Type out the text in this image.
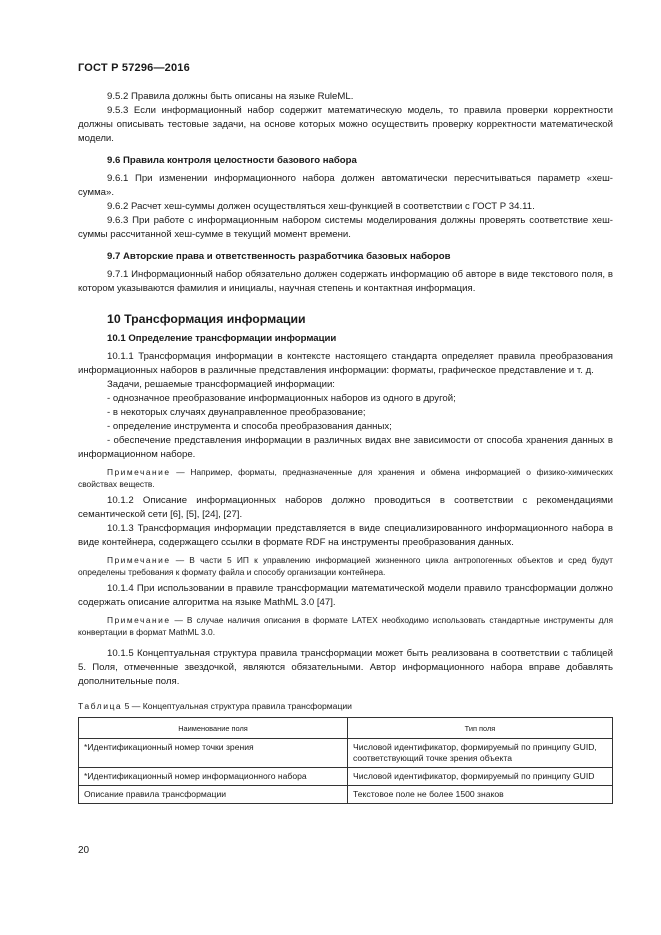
ГОСТ Р 57296—2016

9.5.2 Правила должны быть описаны на языке RuleML.

9.5.3 Если информационный набор содержит математическую модель, то правила проверки корректности должны описывать тестовые задачи, на основе которых можно осуществить проверку корректности математической модели.

9.6 Правила контроля целостности базового набора

9.6.1 При изменении информационного набора должен автоматически пересчитываться параметр «хеш-сумма».

9.6.2 Расчет хеш-суммы должен осуществляться хеш-функцией в соответствии с ГОСТ Р 34.11.

9.6.3 При работе с информационным набором системы моделирования должны проверять соответствие хеш-суммы рассчитанной хеш-сумме в текущий момент времени.

9.7 Авторские права и ответственность разработчика базовых наборов

9.7.1 Информационный набор обязательно должен содержать информацию об авторе в виде текстового поля, в котором указываются фамилия и инициалы, научная степень и контактная информация.

10 Трансформация информации

10.1 Определение трансформации информации

10.1.1 Трансформация информации в контексте настоящего стандарта определяет правила преобразования информационных наборов в различные представления информации: форматы, графическое представление и т. д.

Задачи, решаемые трансформацией информации:

- однозначное преобразование информационных наборов из одного в другой;

- в некоторых случаях двунаправленное преобразование;

- определение инструмента и способа преобразования данных;

- обеспечение представления информации в различных видах вне зависимости от способа хранения данных в информационном наборе.

Примечание — Например, форматы, предназначенные для хранения и обмена информацией о физико-химических свойствах веществ.

10.1.2 Описание информационных наборов должно проводиться в соответствии с рекомендациями семантической сети [6], [5], [24], [27].

10.1.3 Трансформация информации представляется в виде специализированного информационного набора в виде контейнера, содержащего ссылки в формате RDF на инструменты преобразования данных.

Примечание — В части 5 ИП к управлению информацией жизненного цикла антропогенных объектов и сред будут определены требования к формату файла и способу организации контейнера.

10.1.4 При использовании в правиле трансформации математической модели правило трансформации должно содержать описание алгоритма на языке MathML 3.0 [47].

Примечание — В случае наличия описания в формате LATEX необходимо использовать стандартные инструменты для конвертации в формат MathML 3.0.

10.1.5 Концептуальная структура правила трансформации может быть реализована в соответствии с таблицей 5. Поля, отмеченные звездочкой, являются обязательными. Автор информационного набора вправе добавлять дополнительные поля.

Таблица 5 — Концептуальная структура правила трансформации

Наименование поля	Тип поля
*Идентификационный номер точки зрения	Числовой идентификатор, формируемый по принципу GUID, соответствующий точке зрения объекта
*Идентификационный номер информационного набора	Числовой идентификатор, формируемый по принципу GUID
Описание правила трансформации	Текстовое поле не более 1500 знаков
20
